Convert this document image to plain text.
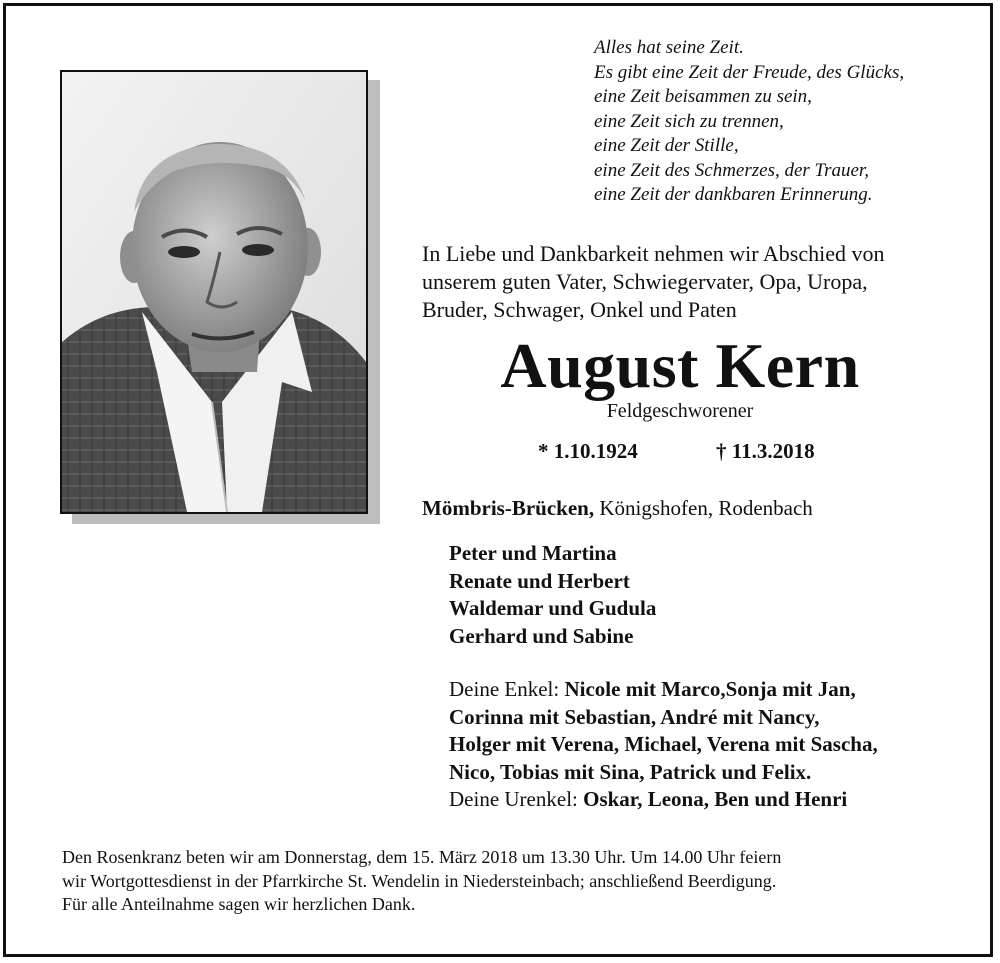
Alles hat seine Zeit.
Es gibt eine Zeit der Freude, des Glücks,
eine Zeit beisammen zu sein,
eine Zeit sich zu trennen,
eine Zeit der Stille,
eine Zeit des Schmerzes, der Trauer,
eine Zeit der dankbaren Erinnerung.
In Liebe und Dankbarkeit nehmen wir Abschied von
unserem guten Vater, Schwiegervater, Opa, Uropa,
Bruder, Schwager, Onkel und Paten
August Kern
Feldgeschworener
* 1.10.1924	† 11.3.2018
Mömbris-Brücken, Königshofen, Rodenbach
Peter und Martina
Renate und Herbert
Waldemar und Gudula
Gerhard und Sabine
Deine Enkel: Nicole mit Marco,Sonja mit Jan,
Corinna mit Sebastian, André mit Nancy,
Holger mit Verena, Michael, Verena mit Sascha,
Nico, Tobias mit Sina, Patrick und Felix.
Deine Urenkel: Oskar, Leona, Ben und Henri
Den Rosenkranz beten wir am Donnerstag, dem 15. März 2018 um 13.30 Uhr. Um 14.00 Uhr feiern
wir Wortgottesdienst in der Pfarrkirche St. Wendelin in Niedersteinbach; anschließend Beerdigung.
Für alle Anteilnahme sagen wir herzlichen Dank.
